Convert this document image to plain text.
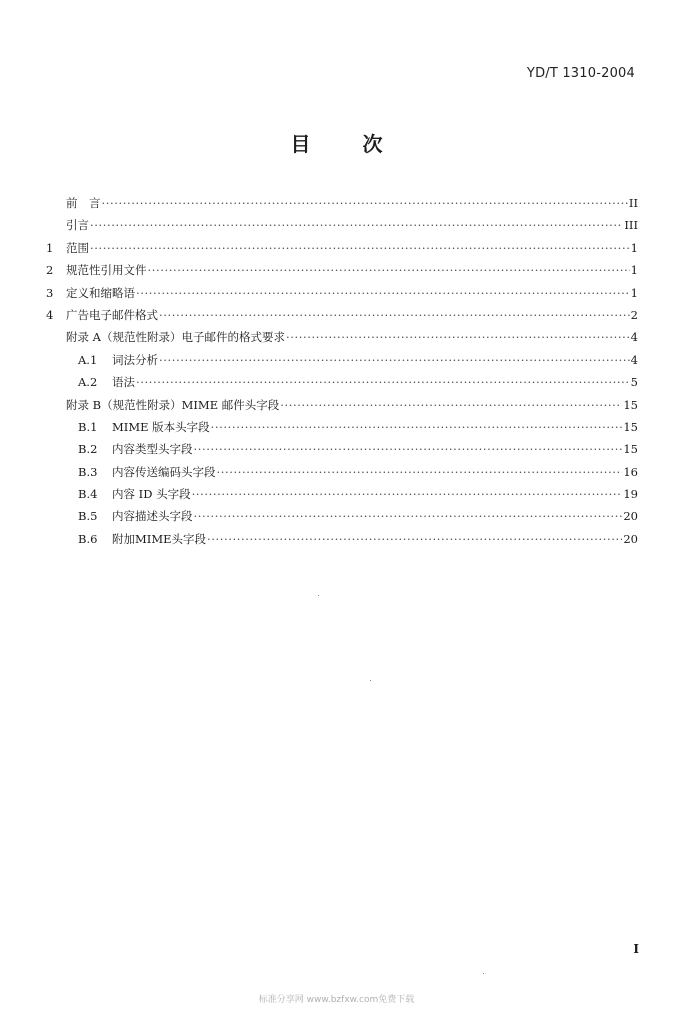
YD/T 1310-2004
目	次
前　言 ·····	II
引言 ·····	III
1	范围 ·····	1
2	规范性引用文件 ·····	1
3	定义和缩略语 ·····	1
4	广告电子邮件格式 ·····	2
附录 A（规范性附录）电子邮件的格式要求 ·····	4
A.1	词法分析 ·····	4
A.2	语法 ·····	5
附录 B（规范性附录）MIME 邮件头字段 ·····	15
B.1	MIME 版本头字段 ·····	15
B.2	内容类型头字段 ·····	15
B.3	内容传送编码头字段 ·····	16
B.4	内容 ID 头字段 ·····	19
B.5	内容描述头字段 ·····	20
B.6	附加MIME头字段 ·····	20
I
标准分享网 www.bzfxw.com免费下载
